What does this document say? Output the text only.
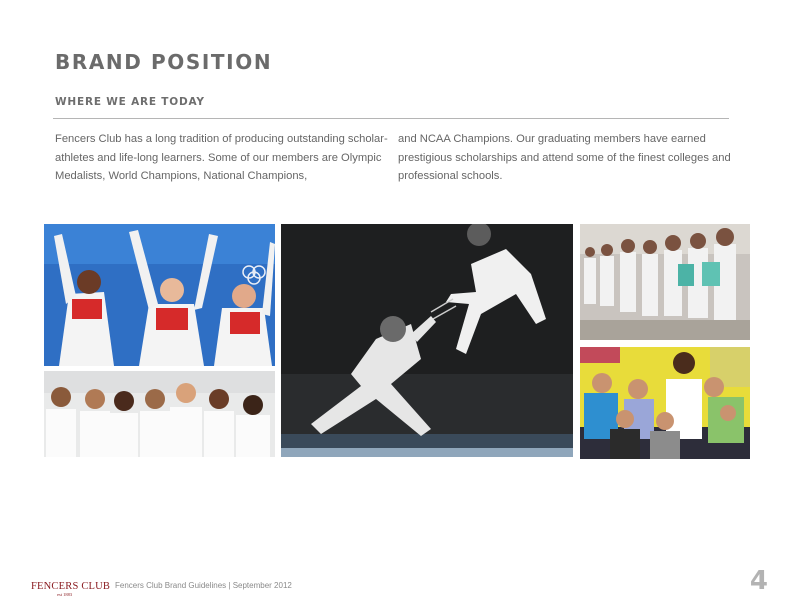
BRAND POSITION
WHERE WE ARE TODAY

Fencers Club has a long tradition of producing outstanding scholar-athletes and life-long learners. Some of our members are Olympic Medalists, World Champions, National Champions,

and NCAA Champions. Our graduating members have earned prestigious scholarships and attend some of the finest colleges and professional schools.

FENCERS CLUB
est 1883
Fencers Club Brand Guidelines | September 2012	4
